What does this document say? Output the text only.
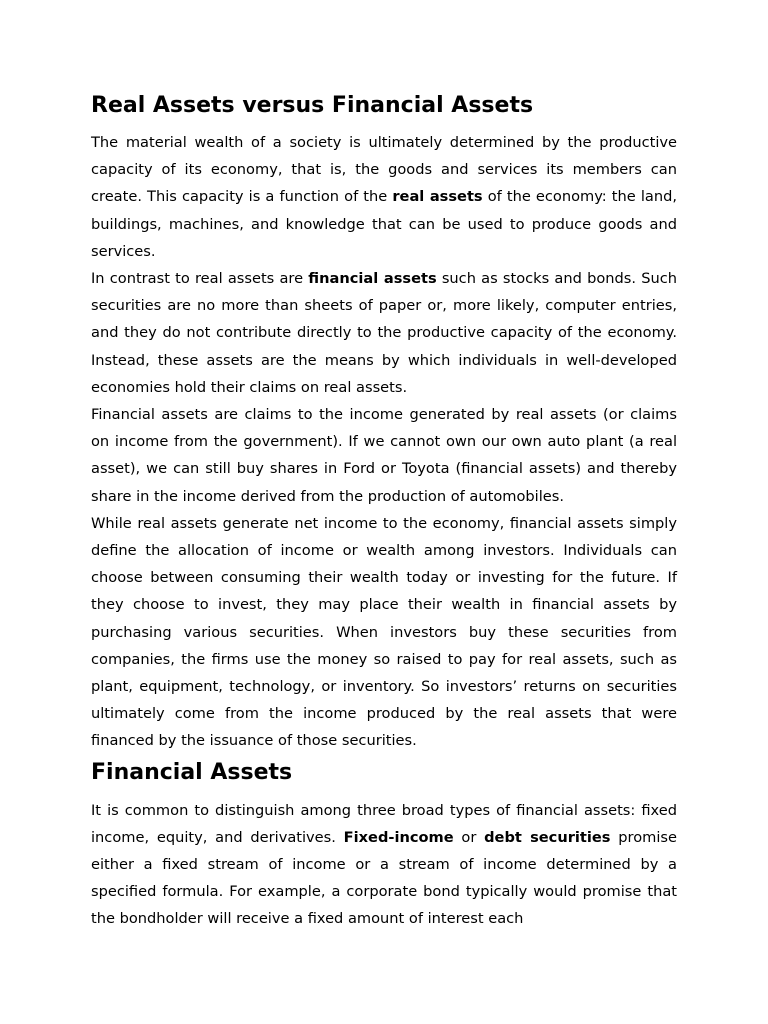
Real Assets versus Financial Assets

The material wealth of a society is ultimately determined by the productive capacity of its economy, that is, the goods and services its members can create. This capacity is a function of the real assets of the economy: the land, buildings, machines, and knowledge that can be used to produce goods and services.

In contrast to real assets are financial assets such as stocks and bonds. Such securities are no more than sheets of paper or, more likely, computer entries, and they do not contribute directly to the productive capacity of the economy. Instead, these assets are the means by which individuals in well-developed economies hold their claims on real assets.

Financial assets are claims to the income generated by real assets (or claims on income from the government). If we cannot own our own auto plant (a real asset), we can still buy shares in Ford or Toyota (financial assets) and thereby share in the income derived from the production of automobiles.

While real assets generate net income to the economy, financial assets simply define the allocation of income or wealth among investors. Individuals can choose between consuming their wealth today or investing for the future. If they choose to invest, they may place their wealth in financial assets by purchasing various securities. When investors buy these securities from companies, the firms use the money so raised to pay for real assets, such as plant, equipment, technology, or inventory. So investors’ returns on securities ultimately come from the income produced by the real assets that were financed by the issuance of those securities.

Financial Assets

It is common to distinguish among three broad types of financial assets: fixed income, equity, and derivatives. Fixed-income or debt securities promise either a fixed stream of income or a stream of income determined by a specified formula. For example, a corporate bond typically would promise that the bondholder will receive a fixed amount of interest each
